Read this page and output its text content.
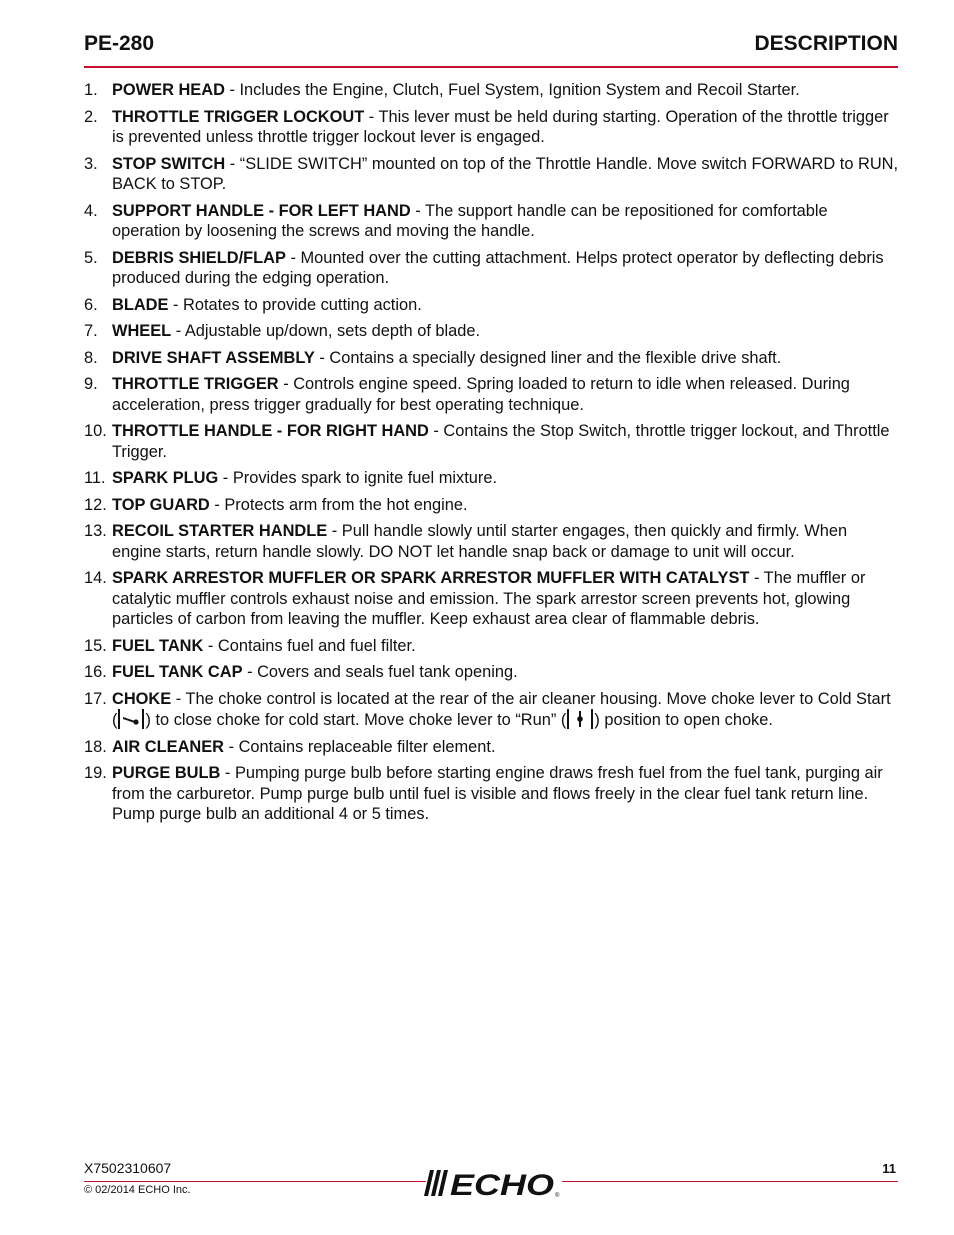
PE-280	DESCRIPTION
1. POWER HEAD - Includes the Engine, Clutch, Fuel System, Ignition System and Recoil Starter.
2. THROTTLE TRIGGER LOCKOUT - This lever must be held during starting. Operation of the throttle trigger is prevented unless throttle trigger lockout lever is engaged.
3. STOP SWITCH - “SLIDE SWITCH” mounted on top of the Throttle Handle. Move switch FORWARD to RUN, BACK to STOP.
4. SUPPORT HANDLE - FOR LEFT HAND - The support handle can be repositioned for comfortable operation by loosening the screws and moving the handle.
5. DEBRIS SHIELD/FLAP - Mounted over the cutting attachment. Helps protect operator by deflecting debris produced during the edging operation.
6. BLADE - Rotates to provide cutting action.
7. WHEEL - Adjustable up/down, sets depth of blade.
8. DRIVE SHAFT ASSEMBLY - Contains a specially designed liner and the flexible drive shaft.
9. THROTTLE TRIGGER - Controls engine speed. Spring loaded to return to idle when released. During acceleration, press trigger gradually for best operating technique.
10. THROTTLE HANDLE - FOR RIGHT HAND - Contains the Stop Switch, throttle trigger lockout, and Throttle Trigger.
11. SPARK PLUG - Provides spark to ignite fuel mixture.
12. TOP GUARD - Protects arm from the hot engine.
13. RECOIL STARTER HANDLE - Pull handle slowly until starter engages, then quickly and firmly. When engine starts, return handle slowly. DO NOT let handle snap back or damage to unit will occur.
14. SPARK ARRESTOR MUFFLER OR SPARK ARRESTOR MUFFLER WITH CATALYST - The muffler or catalytic muffler controls exhaust noise and emission. The spark arrestor screen prevents hot, glowing particles of carbon from leaving the muffler. Keep exhaust area clear of flammable debris.
15. FUEL TANK - Contains fuel and fuel filter.
16. FUEL TANK CAP - Covers and seals fuel tank opening.
17. CHOKE - The choke control is located at the rear of the air cleaner housing. Move choke lever to Cold Start ( ) to close choke for cold start. Move choke lever to “Run” ( ) position to open choke.
18. AIR CLEANER - Contains replaceable filter element.
19. PURGE BULB - Pumping purge bulb before starting engine draws fresh fuel from the fuel tank, purging air from the carburetor. Pump purge bulb until fuel is visible and flows freely in the clear fuel tank return line. Pump purge bulb an additional 4 or 5 times.
X7502310607
© 02/2014 ECHO Inc.
11
ECHO ®
